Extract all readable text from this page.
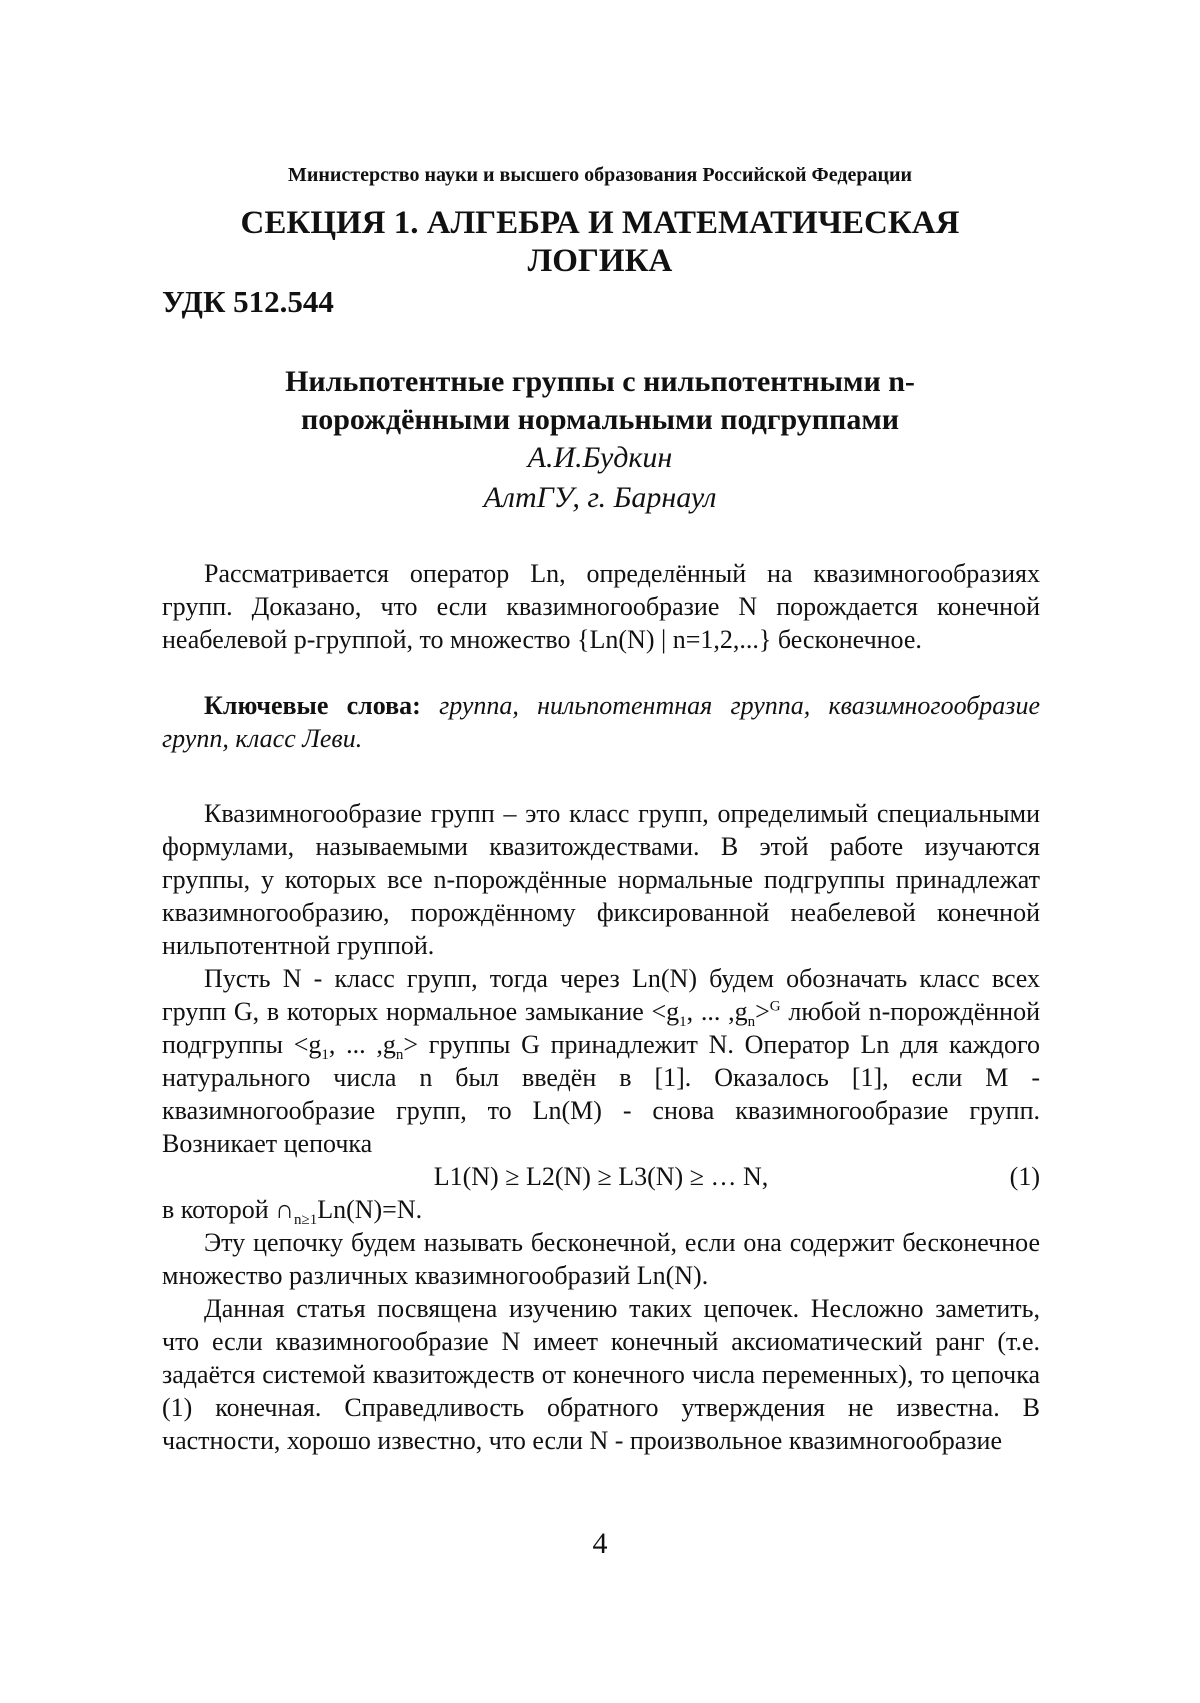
Министерство науки и высшего образования Российской Федерации
СЕКЦИЯ 1. АЛГЕБРА И МАТЕМАТИЧЕСКАЯ ЛОГИКА
УДК 512.544
Нильпотентные группы с нильпотентными n-порождёнными нормальными подгруппами
А.И.Будкин
АлтГУ, г. Барнаул

Рассматривается оператор Ln, определённый на квазимногообразиях групп. Доказано, что если квазимногообразие N порождается конечной неабелевой p-группой, то множество {Ln(N) | n=1,2,...} бесконечное.

Ключевые слова: группа, нильпотентная группа, квазимногообразие групп, класс Леви.

Квазимногообразие групп – это класс групп, определимый специальными формулами, называемыми квазитождествами. В этой работе изучаются группы, у которых все n-порождённые нормальные подгруппы принадлежат квазимногообразию, порождённому фиксированной неабелевой конечной нильпотентной группой.

Пусть N - класс групп, тогда через Ln(N) будем обозначать класс всех групп G, в которых нормальное замыкание <g1, ... ,gn>G любой n-порождённой подгруппы <g1, ... ,gn> группы G принадлежит N. Оператор Ln для каждого натурального числа n был введён в [1]. Оказалось [1], если M - квазимногообразие групп, то Ln(M) - снова квазимногообразие групп. Возникает цепочка

L1(N) ≥ L2(N) ≥ L3(N) ≥ … N,	(1)

в которой ∩n≥1Ln(N)=N.

Эту цепочку будем называть бесконечной, если она содержит бесконечное множество различных квазимногообразий Ln(N).

Данная статья посвящена изучению таких цепочек. Несложно заметить, что если квазимногообразие N имеет конечный аксиоматический ранг (т.е. задаётся системой квазитождеств от конечного числа переменных), то цепочка (1) конечная. Справедливость обратного утверждения не известна. В частности, хорошо известно, что если N - произвольное квазимногообразие

4
